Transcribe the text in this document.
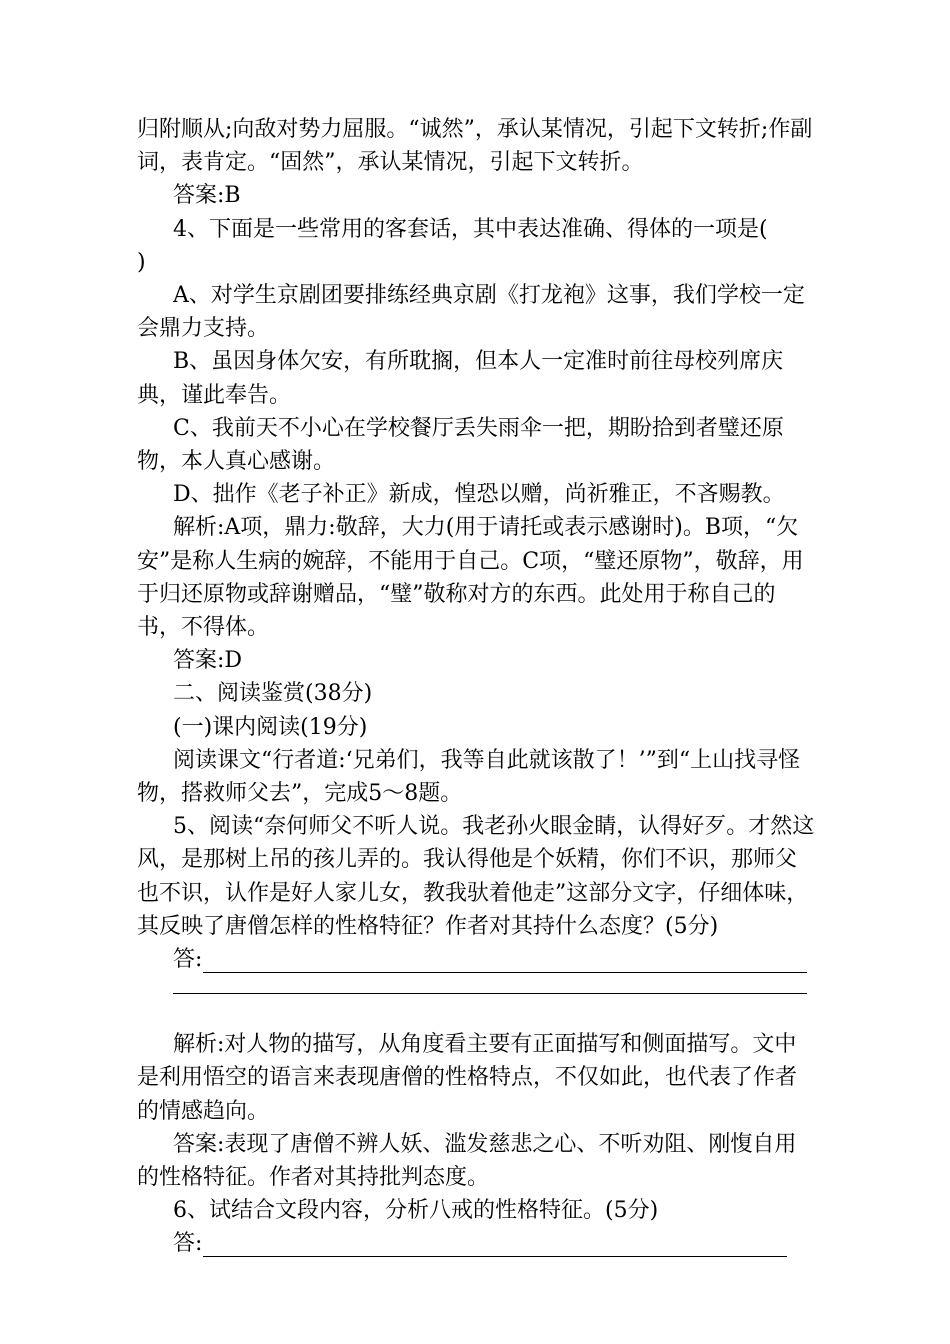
归附顺从;向敌对势力屈服。“诚然”，承认某情况，引起下文转折;作副词，表肯定。“固然”，承认某情况，引起下文转折。

答案:B

4、下面是一些常用的客套话，其中表达准确、得体的一项是(　　)

A、对学生京剧团要排练经典京剧《打龙袍》这事，我们学校一定会鼎力支持。

B、虽因身体欠安，有所耽搁，但本人一定准时前往母校列席庆典，谨此奉告。

C、我前天不小心在学校餐厅丢失雨伞一把，期盼拾到者璧还原物，本人真心感谢。

D、拙作《老子补正》新成，惶恐以赠，尚祈雅正，不吝赐教。

解析:A项，鼎力:敬辞，大力(用于请托或表示感谢时)。B项，“欠安”是称人生病的婉辞，不能用于自己。C项，“璧还原物”，敬辞，用于归还原物或辞谢赠品，“璧”敬称对方的东西。此处用于称自己的书，不得体。

答案:D

二、阅读鉴赏(38分)

(一)课内阅读(19分)

阅读课文“行者道:‘兄弟们，我等自此就该散了！’”到“上山找寻怪物，搭救师父去”，完成5～8题。

5、阅读“奈何师父不听人说。我老孙火眼金睛，认得好歹。才然这风，是那树上吊的孩儿弄的。我认得他是个妖精，你们不识，那师父也不识，认作是好人家儿女，教我驮着他走”这部分文字，仔细体味，其反映了唐僧怎样的性格特征？作者对其持什么态度？(5分)

答:

解析:对人物的描写，从角度看主要有正面描写和侧面描写。文中是利用悟空的语言来表现唐僧的性格特点，不仅如此，也代表了作者的情感趋向。

答案:表现了唐僧不辨人妖、滥发慈悲之心、不听劝阻、刚愎自用的性格特征。作者对其持批判态度。

6、试结合文段内容，分析八戒的性格特征。(5分)

答:
